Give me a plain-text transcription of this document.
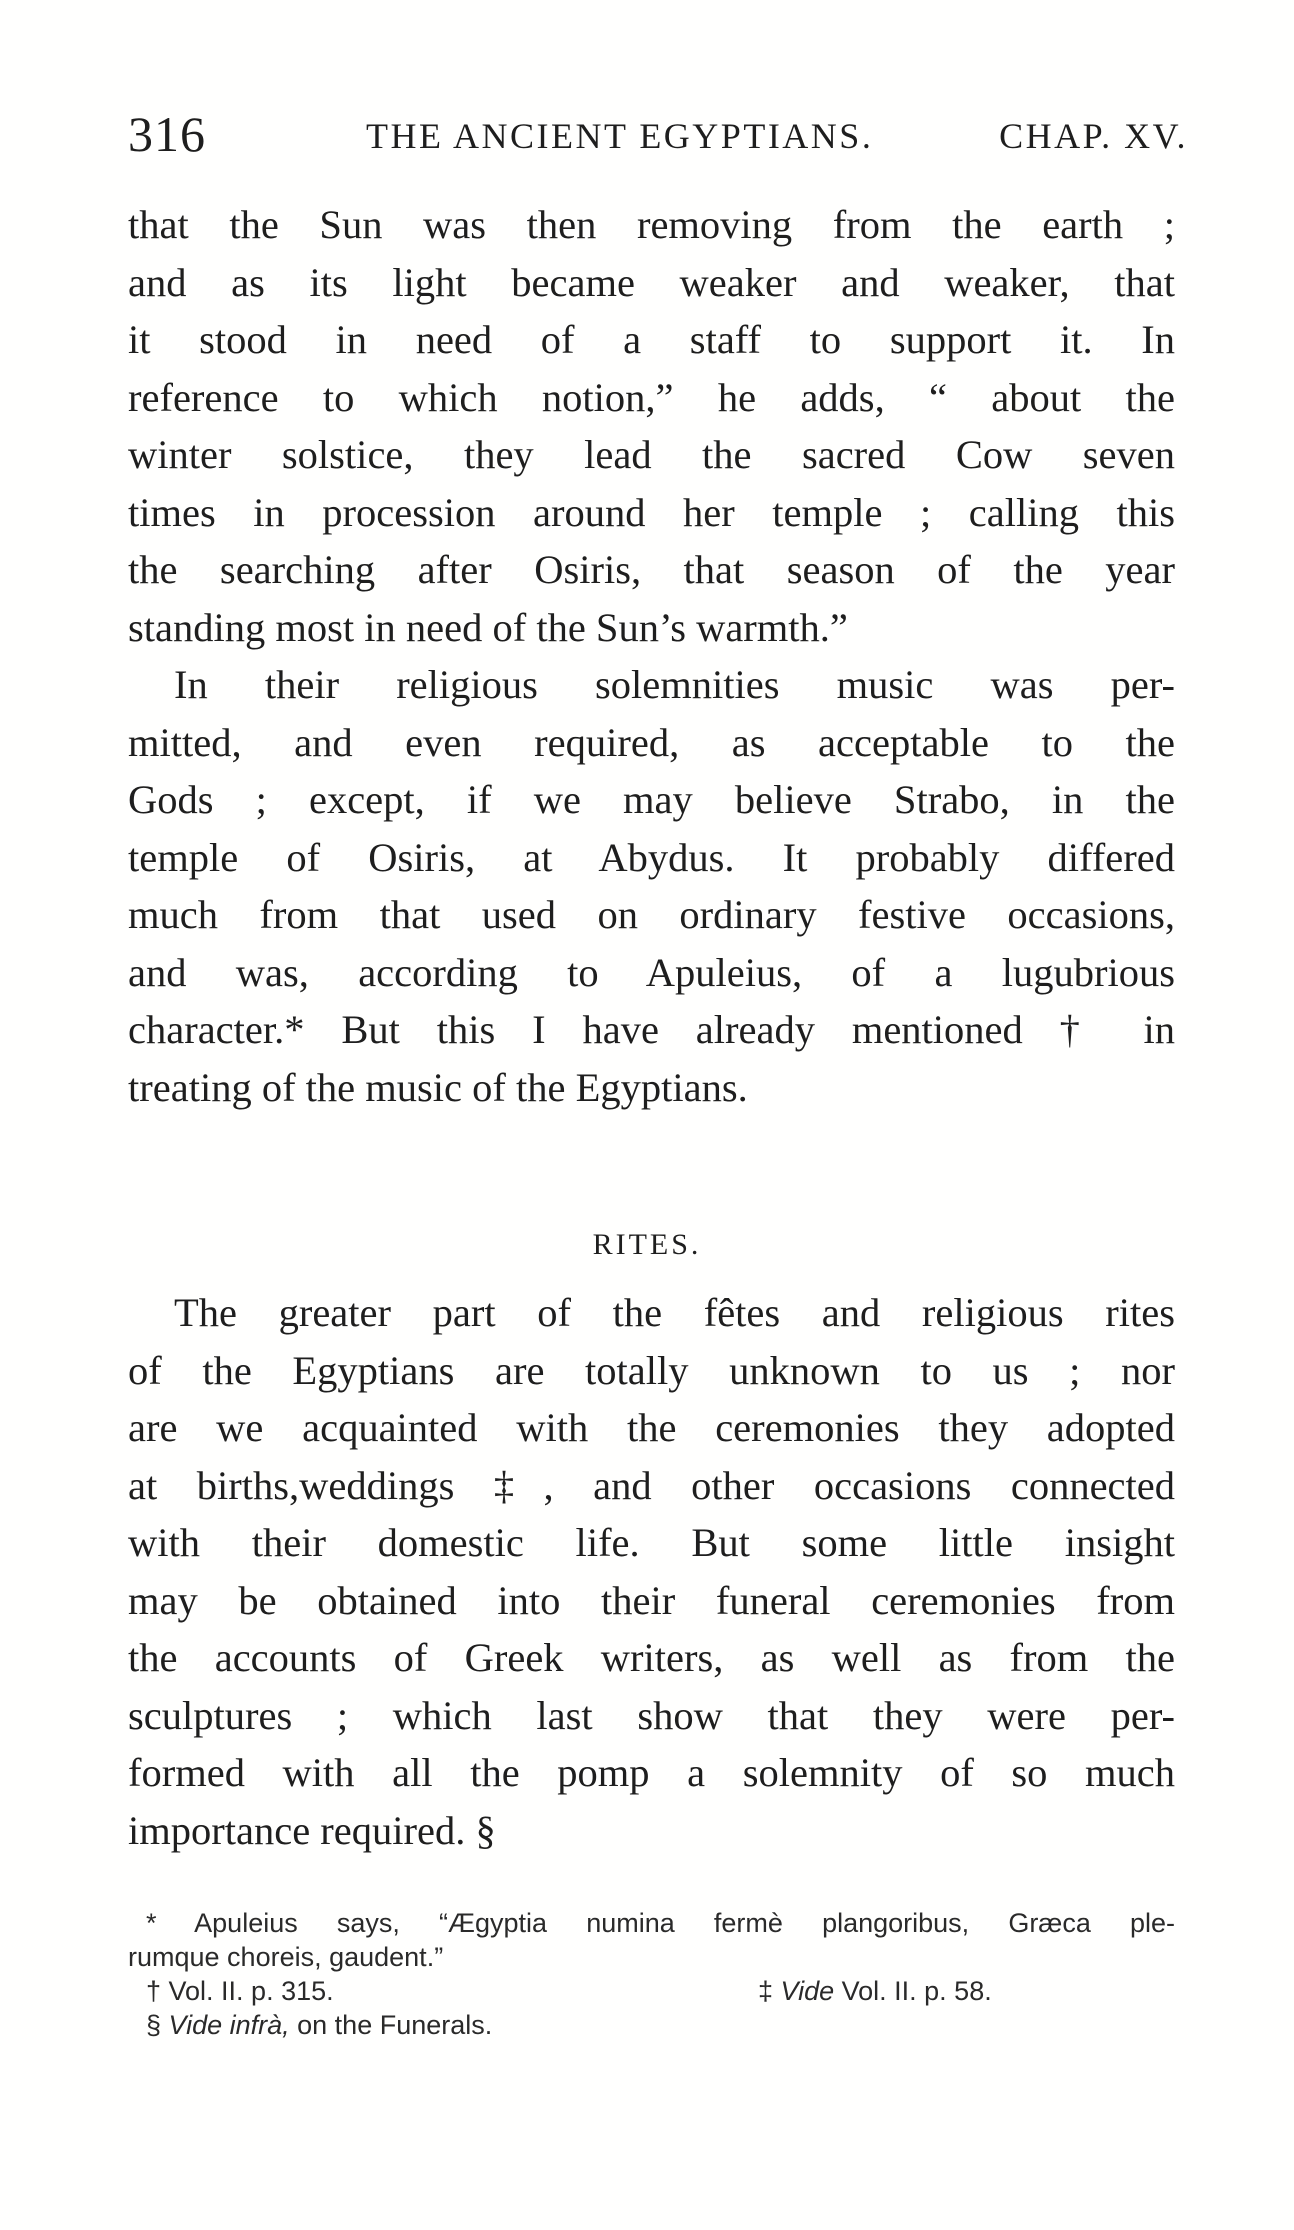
316	THE ANCIENT EGYPTIANS.	CHAP. XV.
that the Sun was then removing from the earth ;
and as its light became weaker and weaker, that
it stood in need of a staff to support it. In
reference to which notion,” he adds, “ about the
winter solstice, they lead the sacred Cow seven
times in procession around her temple ; calling this
the searching after Osiris, that season of the year
standing most in need of the Sun’s warmth.”
In their religious solemnities music was per-
mitted, and even required, as acceptable to the
Gods ; except, if we may believe Strabo, in the
temple of Osiris, at Abydus. It probably differed
much from that used on ordinary festive occasions,
and was, according to Apuleius, of a lugubrious
character.* But this I have already mentioned † in
treating of the music of the Egyptians.
RITES.
The greater part of the fêtes and religious rites
of the Egyptians are totally unknown to us ; nor
are we acquainted with the ceremonies they adopted
at births,weddings ‡, and other occasions connected
with their domestic life. But some little insight
may be obtained into their funeral ceremonies from
the accounts of Greek writers, as well as from the
sculptures ; which last show that they were per-
formed with all the pomp a solemnity of so much
importance required. §
* Apuleius says, “Ægyptia numina fermè plangoribus, Græca ple-
rumque choreis, gaudent.”
† Vol. II. p. 315.	‡ Vide Vol. II. p. 58.
§ Vide infrà, on the Funerals.
